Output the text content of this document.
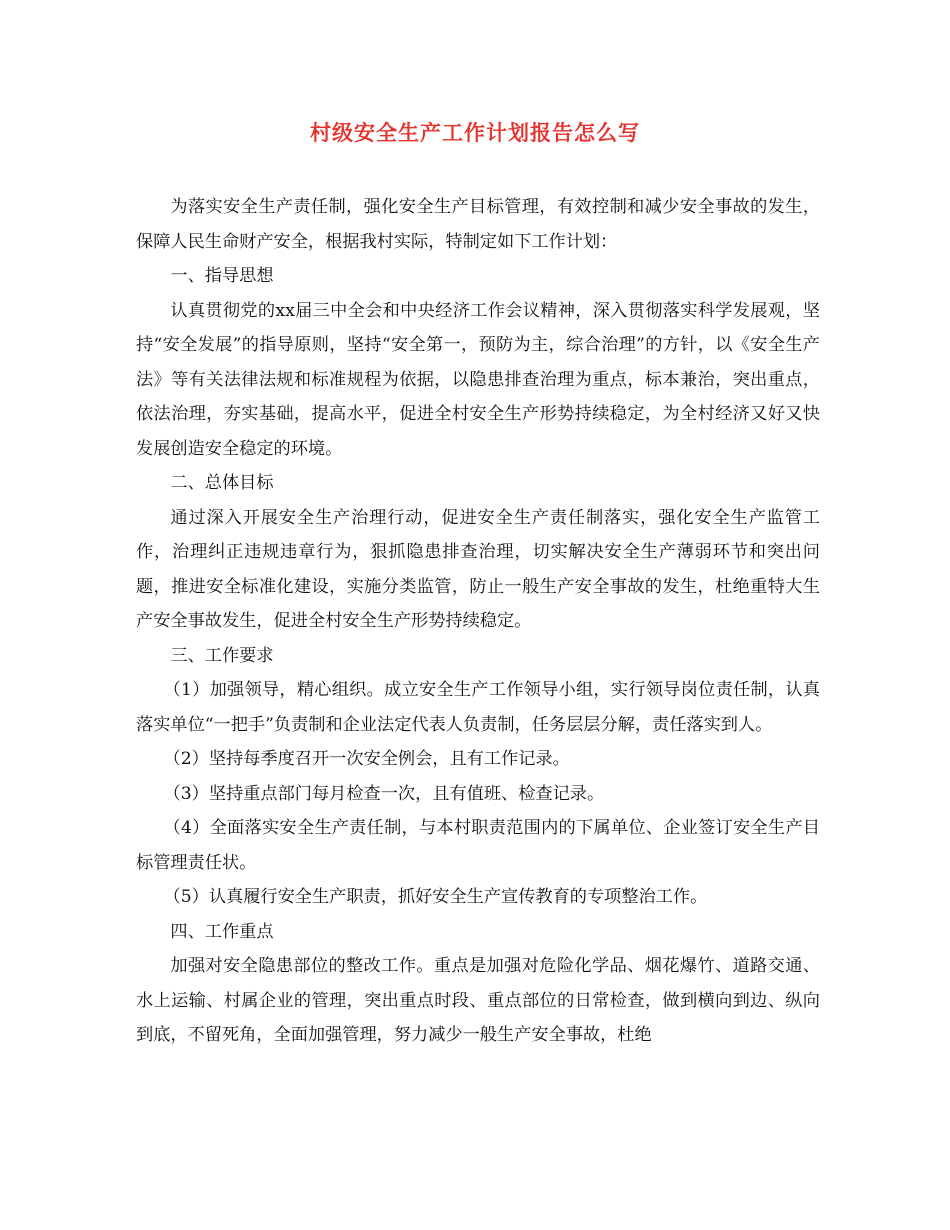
村级安全生产工作计划报告怎么写

为落实安全生产责任制，强化安全生产目标管理，有效控制和减少安全事故的发生，保障人民生命财产安全，根据我村实际，特制定如下工作计划：

一、指导思想

认真贯彻党的xx届三中全会和中央经济工作会议精神，深入贯彻落实科学发展观，坚持“安全发展”的指导原则，坚持“安全第一，预防为主，综合治理”的方针，以《安全生产法》等有关法律法规和标准规程为依据，以隐患排查治理为重点，标本兼治，突出重点，依法治理，夯实基础，提高水平，促进全村安全生产形势持续稳定，为全村经济又好又快发展创造安全稳定的环境。

二、总体目标

通过深入开展安全生产治理行动，促进安全生产责任制落实，强化安全生产监管工作，治理纠正违规违章行为，狠抓隐患排查治理，切实解决安全生产薄弱环节和突出问题，推进安全标准化建设，实施分类监管，防止一般生产安全事故的发生，杜绝重特大生产安全事故发生，促进全村安全生产形势持续稳定。

三、工作要求

（1）加强领导，精心组织。成立安全生产工作领导小组，实行领导岗位责任制，认真落实单位“一把手”负责制和企业法定代表人负责制，任务层层分解，责任落实到人。

（2）坚持每季度召开一次安全例会，且有工作记录。

（3）坚持重点部门每月检查一次，且有值班、检查记录。

（4）全面落实安全生产责任制，与本村职责范围内的下属单位、企业签订安全生产目标管理责任状。

（5）认真履行安全生产职责，抓好安全生产宣传教育的专项整治工作。

四、工作重点

加强对安全隐患部位的整改工作。重点是加强对危险化学品、烟花爆竹、道路交通、水上运输、村属企业的管理，突出重点时段、重点部位的日常检查，做到横向到边、纵向到底，不留死角，全面加强管理，努力减少一般生产安全事故，杜绝
